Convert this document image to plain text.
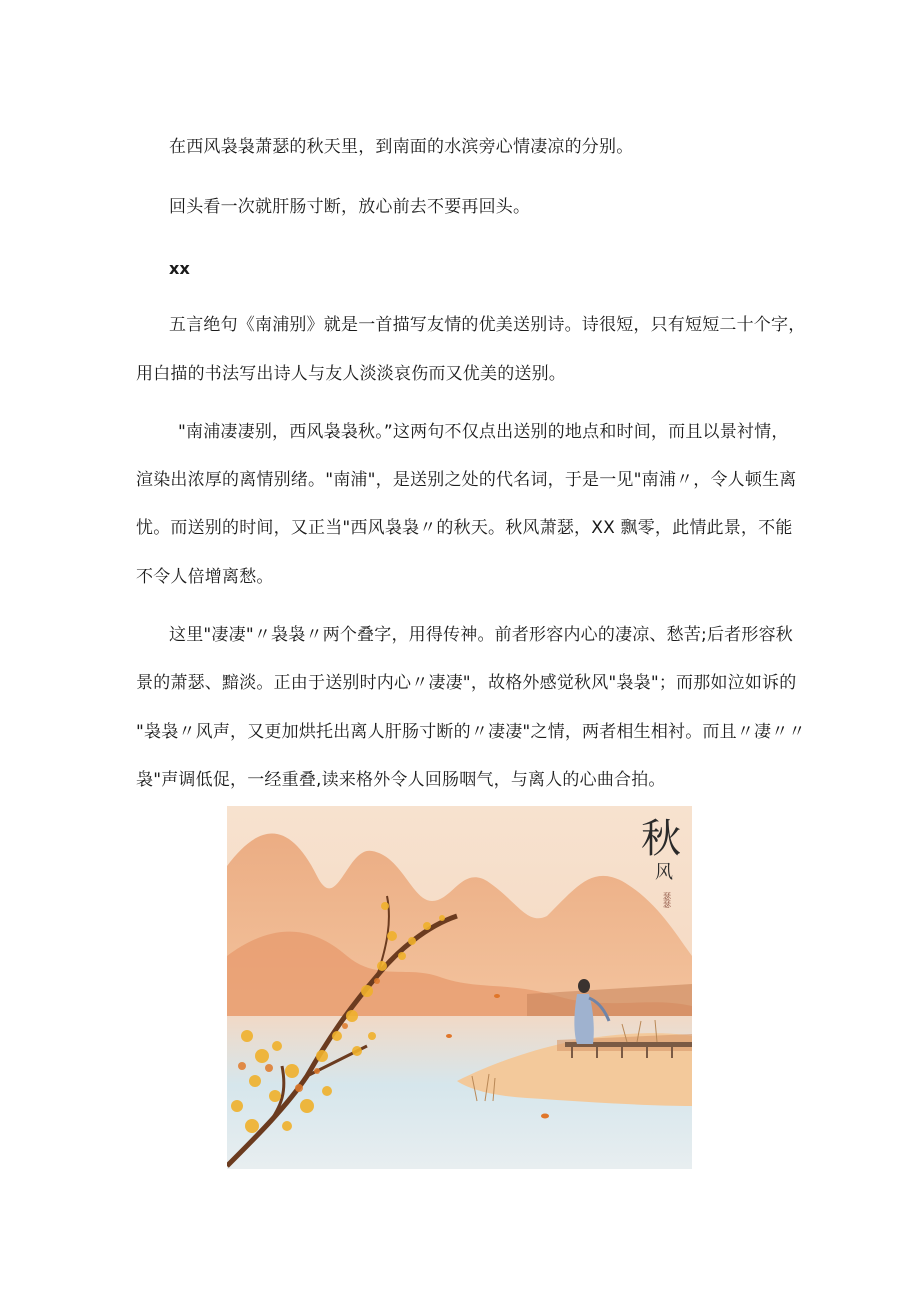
在西风袅袅萧瑟的秋天里，到南面的水滨旁心情凄凉的分别。
回头看一次就肝肠寸断，放心前去不要再回头。
xx
五言绝句《南浦别》就是一首描写友情的优美送别诗。诗很短，只有短短二十个字，
用白描的书法写出诗人与友人淡淡哀伤而又优美的送别。
"南浦凄凄别，西风袅袅秋。”这两句不仅点出送别的地点和时间，而且以景衬情，
渲染出浓厚的离情别绪。"南浦"，是送别之处的代名词，于是一见"南浦〃，令人顿生离
忧。而送别的时间，又正当"西风袅袅〃的秋天。秋风萧瑟，XX 飘零，此情此景，不能
不令人倍增离愁。
这里"凄凄"〃袅袅〃两个叠字，用得传神。前者形容内心的凄凉、愁苦;后者形容秋
景的萧瑟、黯淡。正由于送别时内心〃凄凄"，故格外感觉秋风"袅袅"；而那如泣如诉的
"袅袅〃风声，又更加烘托出离人肝肠寸断的〃凄凄"之情，两者相生相衬。而且〃凄〃〃
袅"声调低促，一经重叠,读来格外令人回肠咽气，与离人的心曲合拍。
秋
风
瑟瑟
